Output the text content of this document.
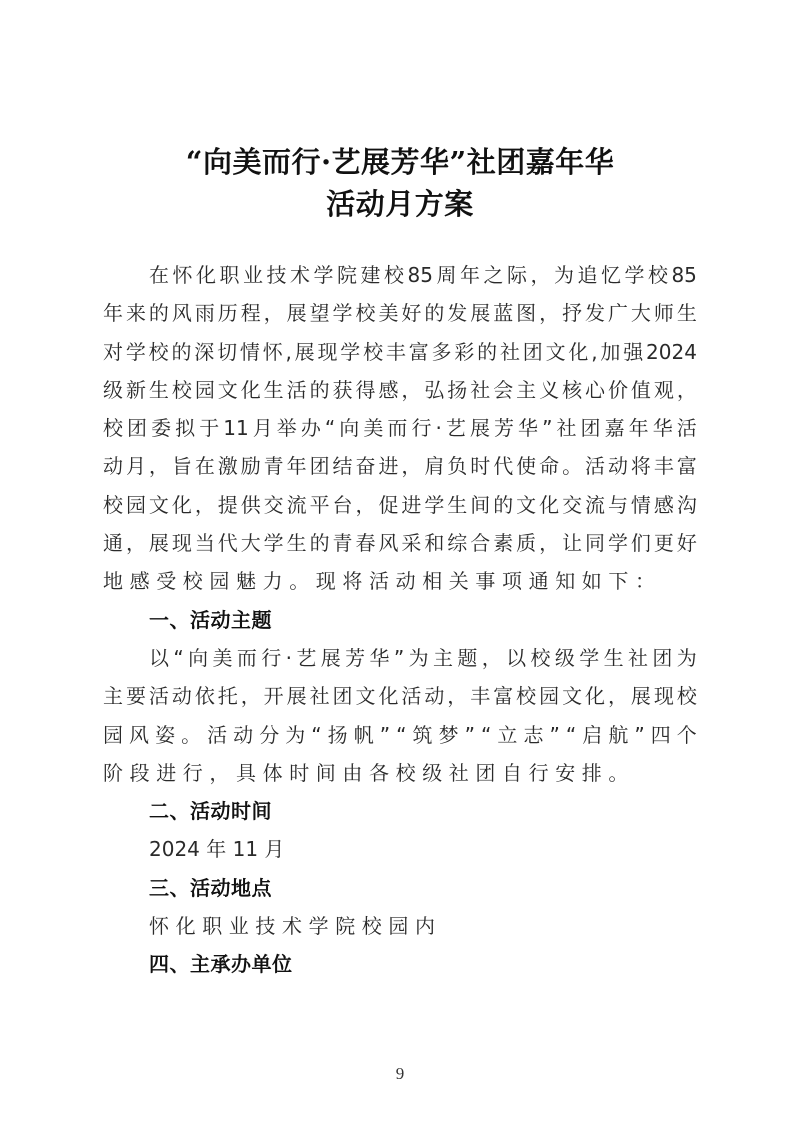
“向美而行·艺展芳华”社团嘉年华
活动月方案
在 怀 化 职 业 技 术 学 院 建 校 85 周 年 之 际 ， 为 追 忆 学 校 85
年 来 的 风 雨 历 程 ， 展 望 学 校 美 好 的 发 展 蓝 图 ， 抒 发 广 大 师 生
对 学 校 的 深 切 情 怀 , 展 现 学 校 丰 富 多 彩 的 社 团 文 化 , 加 强 2024
级 新 生 校 园 文 化 生 活 的 获 得 感 ， 弘 扬 社 会 主 义 核 心 价 值 观 ，
校 团 委 拟 于 11 月 举 办 “ 向 美 而 行 · 艺 展 芳 华 ” 社 团 嘉 年 华 活
动 月 ， 旨 在 激 励 青 年 团 结 奋 进 ， 肩 负 时 代 使 命 。 活 动 将 丰 富
校 园 文 化 ， 提 供 交 流 平 台 ， 促 进 学 生 间 的 文 化 交 流 与 情 感 沟
通 ， 展 现 当 代 大 学 生 的 青 春 风 采 和 综 合 素 质 ， 让 同 学 们 更 好
地感受校园魅力。现将活动相关事项通知如下：
一、活动主题
以 “ 向 美 而 行 · 艺 展 芳 华 ” 为 主 题 ， 以 校 级 学 生 社 团 为
主 要 活 动 依 托 ， 开 展 社 团 文 化 活 动 ， 丰 富 校 园 文 化 ， 展 现 校
园 风 姿 。 活 动 分 为 “ 扬 帆 ” “ 筑 梦 ” “ 立 志 ” “ 启 航 ” 四 个
阶段进行，具体时间由各校级社团自行安排。
二、活动时间
2024 年 11 月
三、活动地点
怀化职业技术学院校园内
四、主承办单位
9
